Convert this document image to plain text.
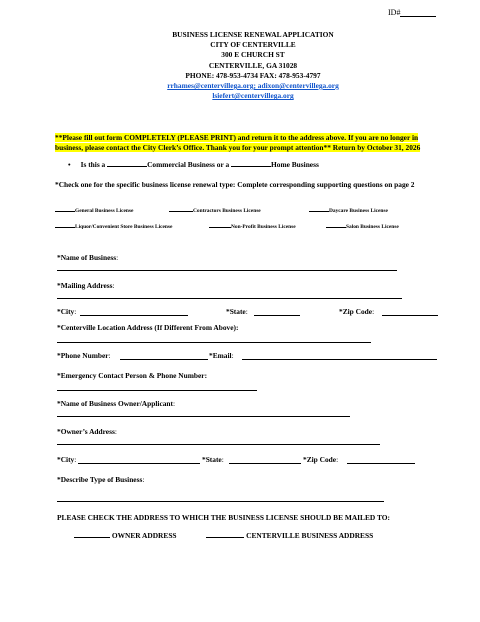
ID#
BUSINESS LICENSE RENEWAL APPLICATION
CITY OF CENTERVILLE
300 E CHURCH ST
CENTERVILLE, GA 31028
PHONE: 478-953-4734 FAX: 478-953-4797
rrhames@centervillega.org; adixon@centervillega.org
lsiefert@centervillega.org
**Please fill out form COMPLETELY (PLEASE PRINT) and return it to the address above. If you are no longer in business, please contact the City Clerk’s Office. Thank you for your prompt attention** Return by October 31, 2026
• Is this a	Commercial Business or a	Home Business
*Check one for the specific business license renewal type: Complete corresponding supporting questions on page 2
General Business License	Contractors Business License	Daycare Business License
Liquor/Convenient Store Business License	Non-Profit Business License	Salon Business License
*Name of Business:
*Mailing Address:
*City:	*State:	*Zip Code:
*Centerville Location Address (If Different From Above):
*Phone Number:	*Email:
*Emergency Contact Person & Phone Number:
*Name of Business Owner/Applicant:
*Owner’s Address:
*City:	*State:	*Zip Code:
*Describe Type of Business:
PLEASE CHECK THE ADDRESS TO WHICH THE BUSINESS LICENSE SHOULD BE MAILED TO:
OWNER ADDRESS	CENTERVILLE BUSINESS ADDRESS
